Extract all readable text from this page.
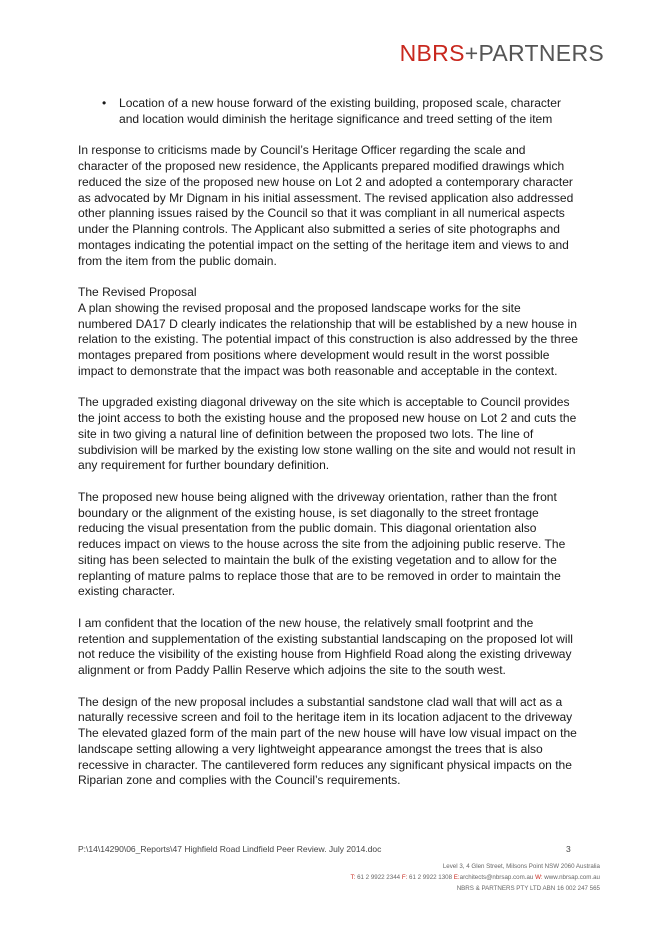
NBRS+PARTNERS

• Location of a new house forward of the existing building, proposed scale, character and location would diminish the heritage significance and treed setting of the item

In response to criticisms made by Council’s Heritage Officer regarding the scale and character of the proposed new residence, the Applicants prepared modified drawings which reduced the size of the proposed new house on Lot 2 and adopted a contemporary character as advocated by Mr Dignam in his initial assessment. The revised application also addressed other planning issues raised by the Council so that it was compliant in all numerical aspects under the Planning controls. The Applicant also submitted a series of site photographs and montages indicating the potential impact on the setting of the heritage item and views to and from the item from the public domain.

The Revised Proposal

A plan showing the revised proposal and the proposed landscape works for the site numbered DA17 D clearly indicates the relationship that will be established by a new house in relation to the existing. The potential impact of this construction is also addressed by the three montages prepared from positions where development would result in the worst possible impact to demonstrate that the impact was both reasonable and acceptable in the context.

The upgraded existing diagonal driveway on the site which is acceptable to Council provides the joint access to both the existing house and the proposed new house on Lot 2 and cuts the site in two giving a natural line of definition between the proposed two lots. The line of subdivision will be marked by the existing low stone walling on the site and would not result in any requirement for further boundary definition.

The proposed new house being aligned with the driveway orientation, rather than the front boundary or the alignment of the existing house, is set diagonally to the street frontage reducing the visual presentation from the public domain. This diagonal orientation also reduces impact on views to the house across the site from the adjoining public reserve. The siting has been selected to maintain the bulk of the existing vegetation and to allow for the replanting of mature palms to replace those that are to be removed in order to maintain the existing character.

I am confident that the location of the new house, the relatively small footprint and the retention and supplementation of the existing substantial landscaping on the proposed lot will not reduce the visibility of the existing house from Highfield Road along the existing driveway alignment or from Paddy Pallin Reserve which adjoins the site to the south west.

The design of the new proposal includes a substantial sandstone clad wall that will act as a naturally recessive screen and foil to the heritage item in its location adjacent to the driveway The elevated glazed form of the main part of the new house will have low visual impact on the landscape setting allowing a very lightweight appearance amongst the trees that is also recessive in character. The cantilevered form reduces any significant physical impacts on the Riparian zone and complies with the Council’s requirements.

P:\14\14290\06_Reports\47 Highfield Road Lindfield Peer Review. July 2014.doc	3
Level 3, 4 Glen Street, Milsons Point NSW 2060 Australia
T: 61 2 9922 2344 F: 61 2 9922 1308 E:architects@nbrsap.com.au W: www.nbrsap.com.au
NBRS & PARTNERS PTY LTD ABN 16 002 247 565
